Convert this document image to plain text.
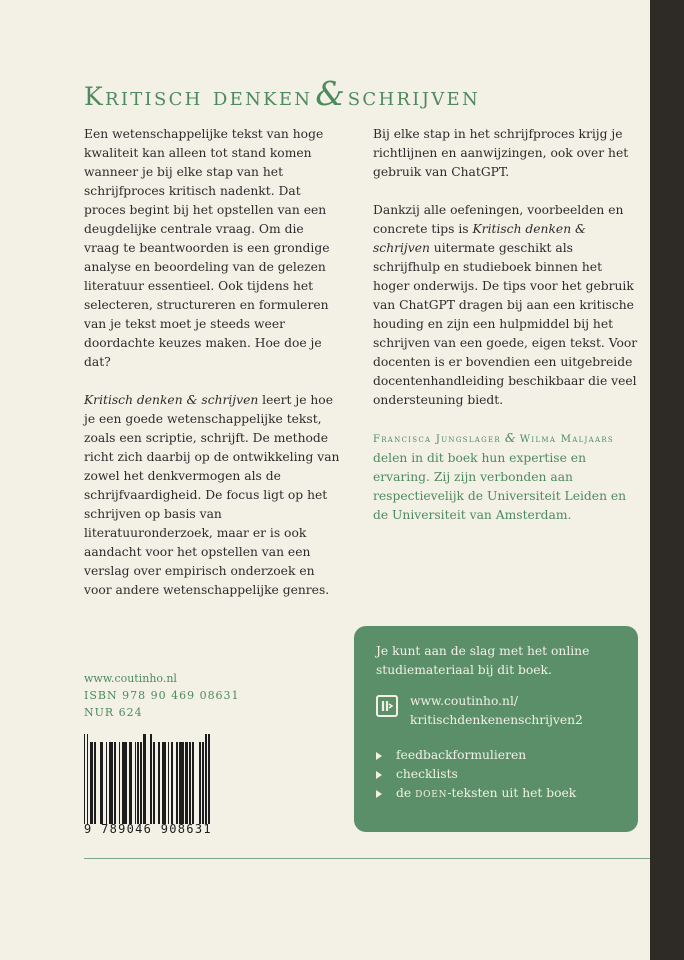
Kritisch denken& schrijven

Een wetenschappelijke tekst van hoge kwaliteit kan alleen tot stand komen wanneer je bij elke stap van het schrijfproces kritisch nadenkt. Dat proces begint bij het opstellen van een deugdelijke centrale vraag. Om die vraag te beantwoorden is een grondige analyse en beoordeling van de gelezen literatuur essentieel. Ook tijdens het selecteren, structureren en formuleren van je tekst moet je steeds weer doordachte keuzes maken. Hoe doe je dat?

Kritisch denken & schrijven leert je hoe je een goede wetenschappelijke tekst, zoals een scriptie, schrijft. De methode richt zich daarbij op de ontwikkeling van zowel het denkvermogen als de schrijfvaardigheid. De focus ligt op het schrijven op basis van literatuuronderzoek, maar er is ook aandacht voor het opstellen van een verslag over empirisch onderzoek en voor andere wetenschappelijke genres.

Bij elke stap in het schrijfproces krijg je richtlijnen en aanwijzingen, ook over het gebruik van ChatGPT.

Dankzij alle oefeningen, voorbeelden en concrete tips is Kritisch denken & schrijven uitermate geschikt als schrijfhulp en studieboek binnen het hoger onderwijs. De tips voor het gebruik van ChatGPT dragen bij aan een kritische houding en zijn een hulpmiddel bij het schrijven van een goede, eigen tekst. Voor docenten is er bovendien een uitgebreide docentenhandleiding beschikbaar die veel ondersteuning biedt.

Francisca Jungslager & Wilma Maljaars
delen in dit boek hun expertise en ervaring. Zij zijn verbonden aan respectievelijk de Universiteit Leiden en de Universiteit van Amsterdam.

www.coutinho.nl
ISBN 978 90 469 08631
NUR 624
9 789046 908631

Je kunt aan de slag met het online studiemateriaal bij dit boek.

www.coutinho.nl/
kritischdenkenenschrijven2
feedbackformulieren
checklists
de doen-teksten uit het boek
